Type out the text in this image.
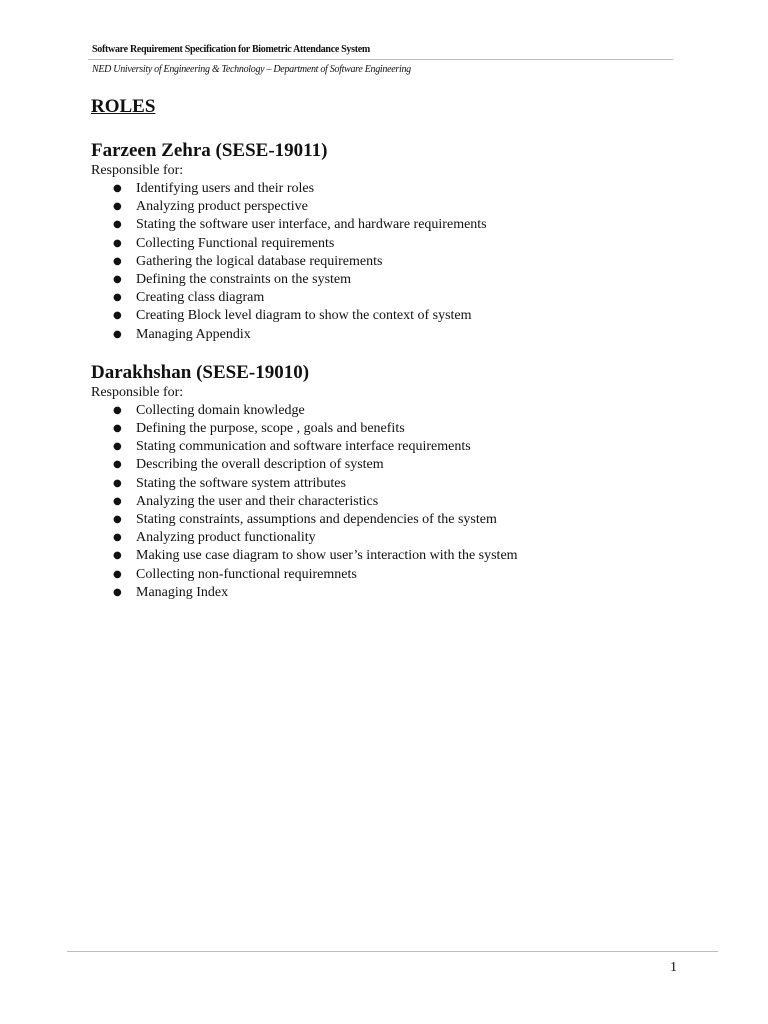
Software Requirement Specification for Biometric Attendance System
NED University of Engineering & Technology – Department of Software Engineering
ROLES
Farzeen Zehra (SESE-19011)

Responsible for:

● Identifying users and their roles
● Analyzing product perspective
● Stating the software user interface, and hardware requirements
● Collecting Functional requirements
● Gathering the logical database requirements
● Defining the constraints on the system
● Creating class diagram
● Creating Block level diagram to show the context of system
● Managing Appendix
Darakhshan (SESE-19010)

Responsible for:

● Collecting domain knowledge
● Defining the purpose, scope , goals and benefits
● Stating communication and software interface requirements
● Describing the overall description of system
● Stating the software system attributes
● Analyzing the user and their characteristics
● Stating constraints, assumptions and dependencies of the system
● Analyzing product functionality
● Making use case diagram to show user’s interaction with the system
● Collecting non-functional requiremnets
● Managing Index
1
